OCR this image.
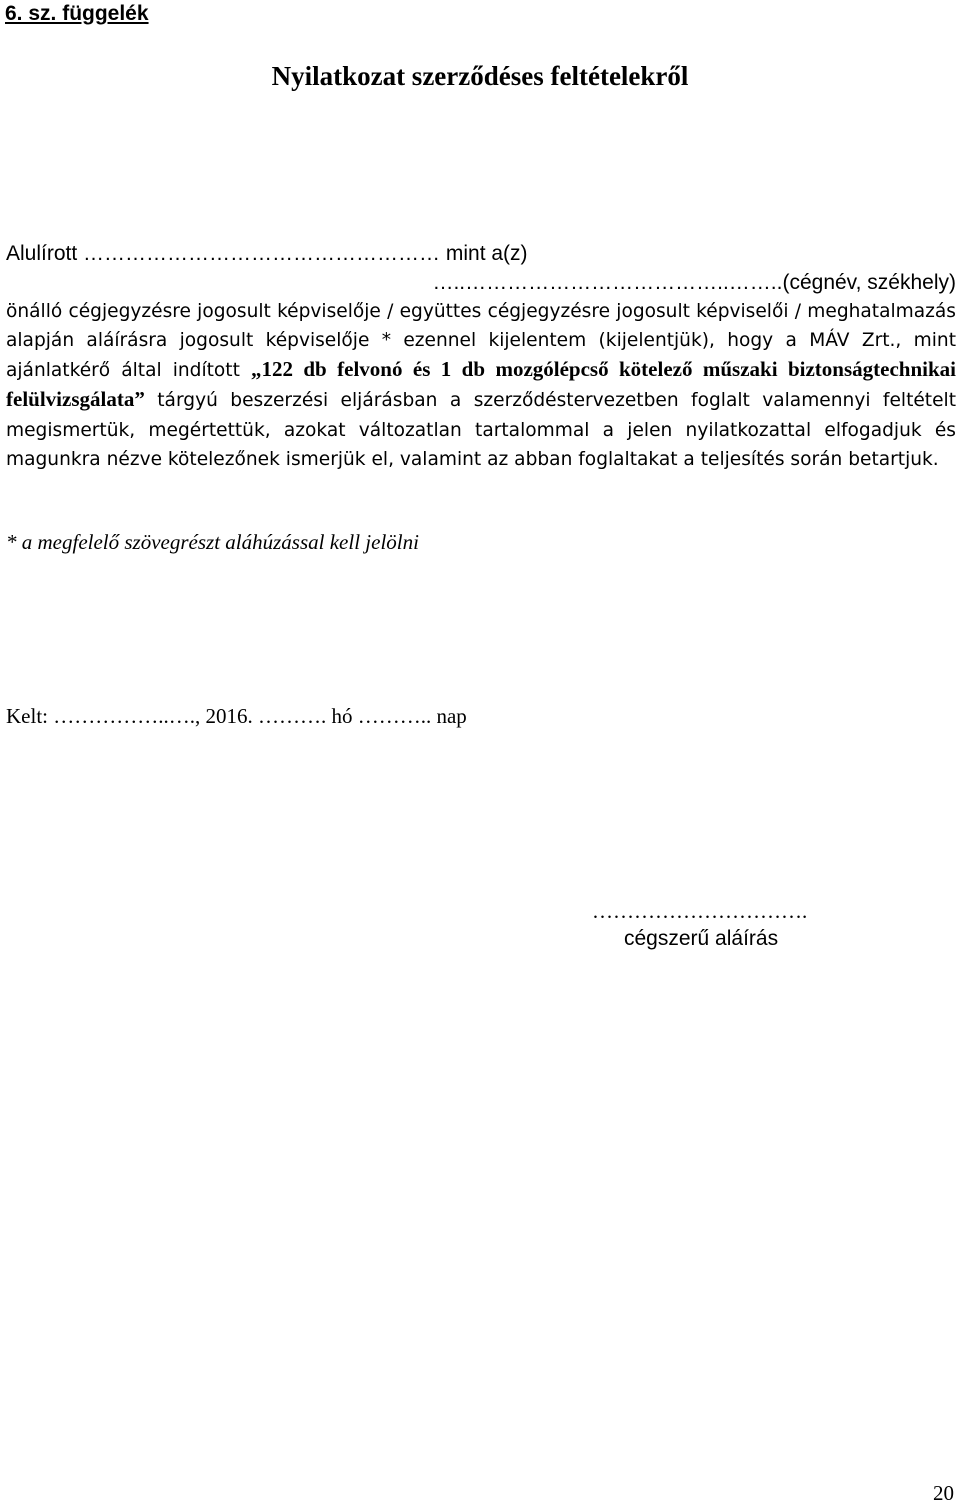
6. sz. függelék
Nyilatkozat szerződéses feltételekről
Alulírott …………………………………………… mint a(z)
…..………………………………..……..(cégnév, székhely)
önálló cégjegyzésre jogosult képviselője / együttes cégjegyzésre jogosult képviselői / meghatalmazás alapján aláírásra jogosult képviselője * ezennel kijelentem (kijelentjük), hogy a MÁV Zrt., mint ajánlatkérő által indított „122 db felvonó és 1 db mozgólépcső kötelező műszaki biztonságtechnikai felülvizsgálata” tárgyú beszerzési eljárásban a szerződéstervezetben foglalt valamennyi feltételt megismertük, megértettük, azokat változatlan tartalommal a jelen nyilatkozattal elfogadjuk és magunkra nézve kötelezőnek ismerjük el, valamint az abban foglaltakat a teljesítés során betartjuk.
* a megfelelő szövegrészt aláhúzással kell jelölni
Kelt: ……………..…., 2016. ………. hó ……….. nap
………………………….
cégszerű aláírás
20
